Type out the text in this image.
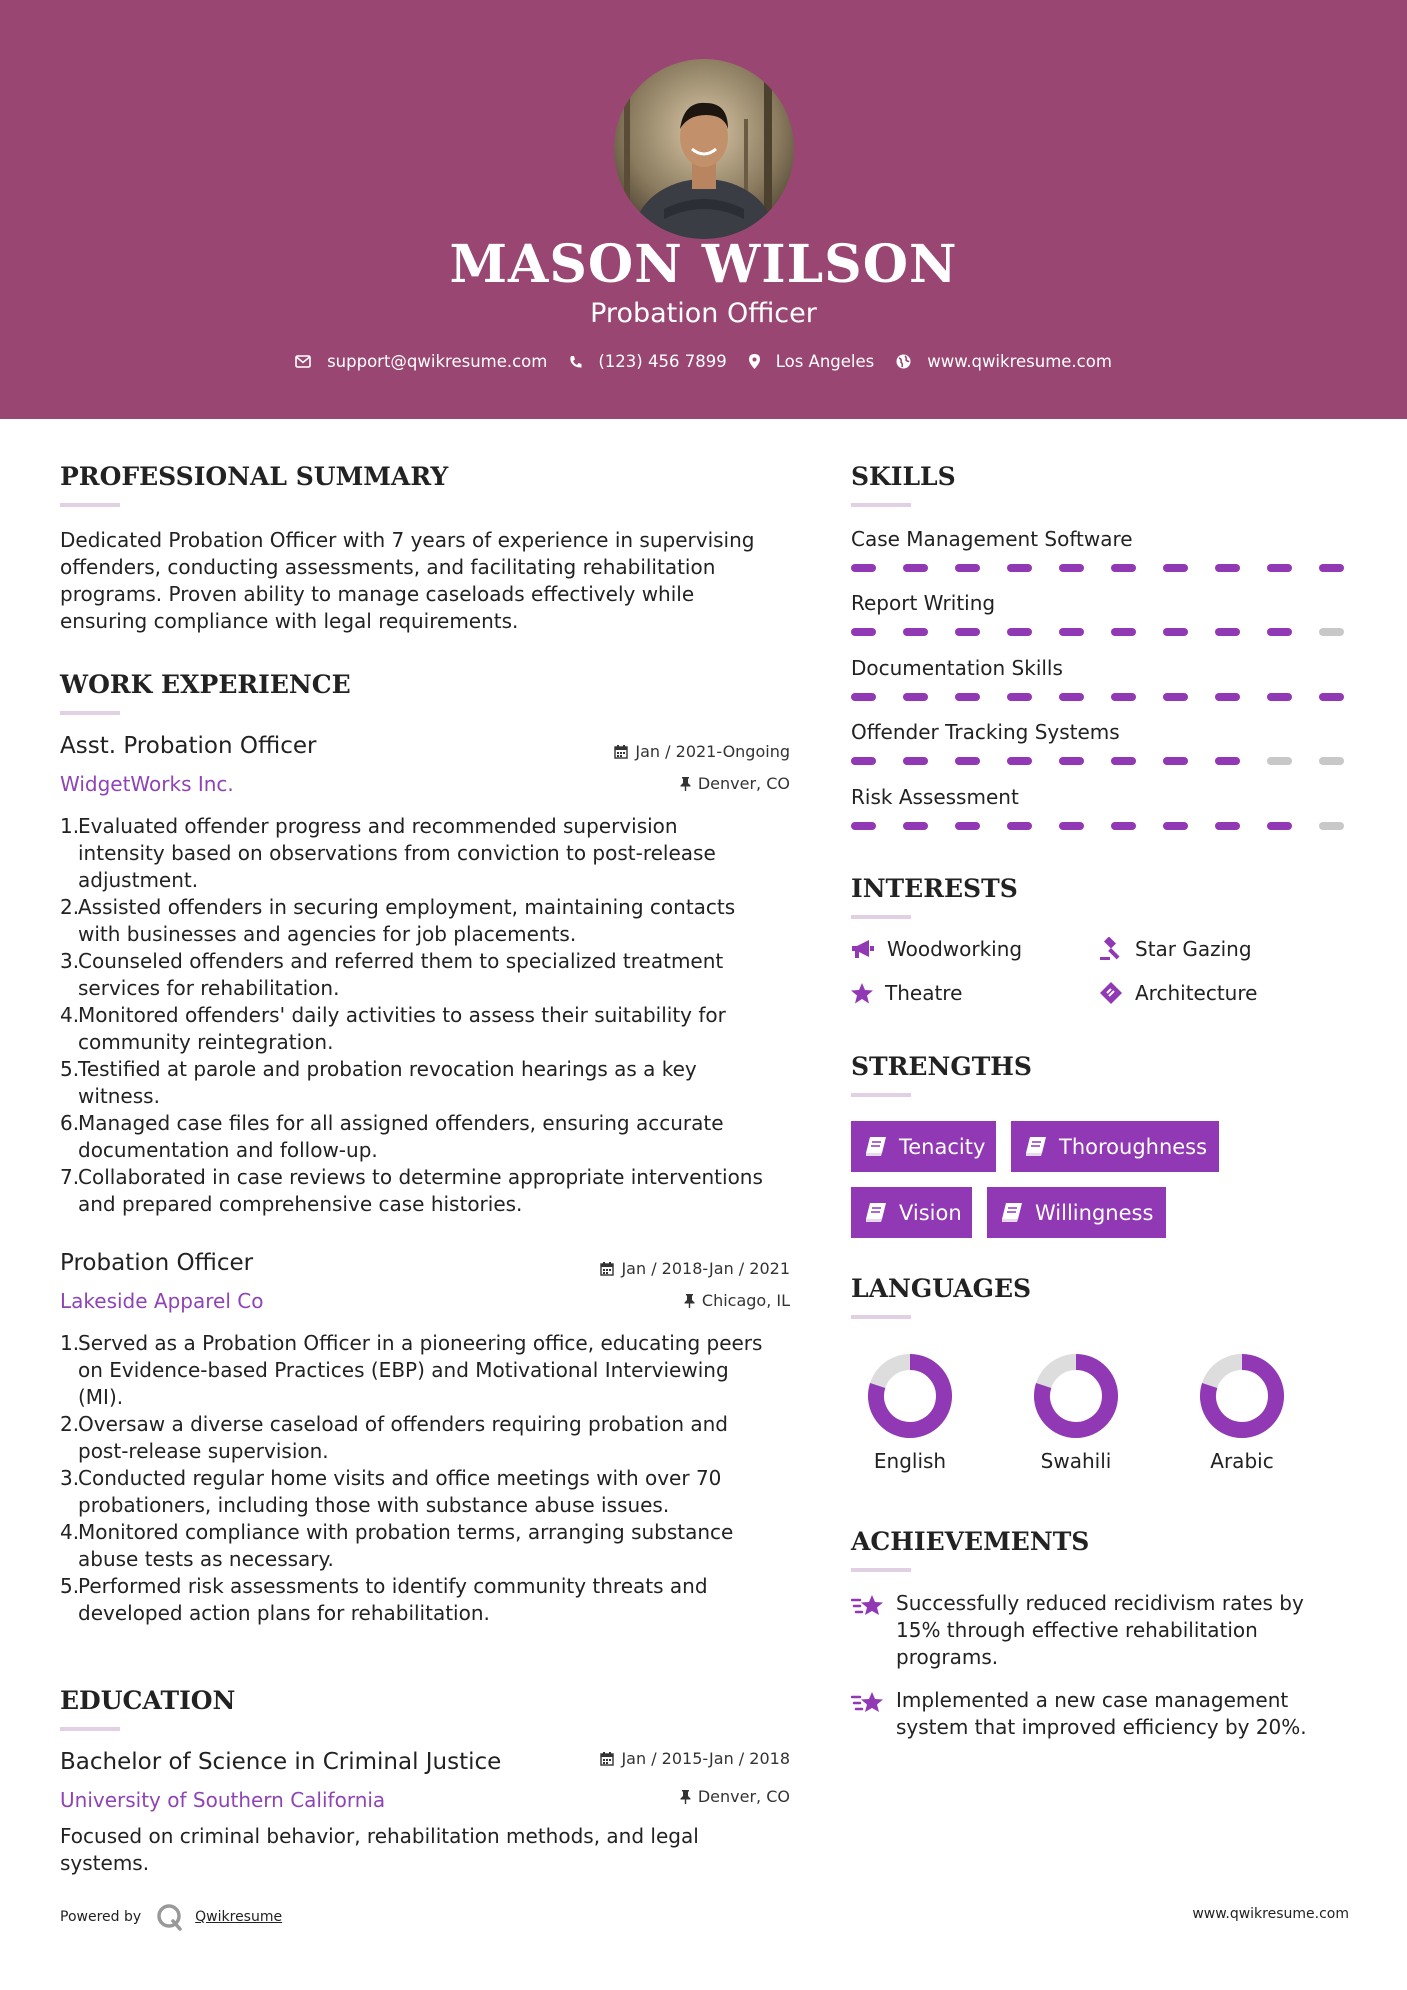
MASON WILSON
Probation Officer
support@qwikresume.com	(123) 456 7899	Los Angeles	www.qwikresume.com
PROFESSIONAL SUMMARY
Dedicated Probation Officer with 7 years of experience in supervising
offenders, conducting assessments, and facilitating rehabilitation
programs. Proven ability to manage caseloads effectively while
ensuring compliance with legal requirements.
WORK EXPERIENCE
Asst. Probation Officer
WidgetWorks Inc.
Jan / 2021-Ongoing
Denver, CO
1.
Evaluated offender progress and recommended supervision
intensity based on observations from conviction to post-release
adjustment.
2.
Assisted offenders in securing employment, maintaining contacts
with businesses and agencies for job placements.
3.
Counseled offenders and referred them to specialized treatment
services for rehabilitation.
4.
Monitored offenders' daily activities to assess their suitability for
community reintegration.
5.
Testified at parole and probation revocation hearings as a key
witness.
6.
Managed case files for all assigned offenders, ensuring accurate
documentation and follow-up.
7.
Collaborated in case reviews to determine appropriate interventions
and prepared comprehensive case histories.
Probation Officer
Lakeside Apparel Co
Jan / 2018-Jan / 2021
Chicago, IL
1.
Served as a Probation Officer in a pioneering office, educating peers
on Evidence-based Practices (EBP) and Motivational Interviewing
(MI).
2.
Oversaw a diverse caseload of offenders requiring probation and
post-release supervision.
3.
Conducted regular home visits and office meetings with over 70
probationers, including those with substance abuse issues.
4.
Monitored compliance with probation terms, arranging substance
abuse tests as necessary.
5.
Performed risk assessments to identify community threats and
developed action plans for rehabilitation.
EDUCATION
Bachelor of Science in Criminal Justice
University of Southern California
Jan / 2015-Jan / 2018
Denver, CO
Focused on criminal behavior, rehabilitation methods, and legal
systems.
SKILLS
Case Management Software
Report Writing
Documentation Skills
Offender Tracking Systems
Risk Assessment
INTERESTS
Woodworking	Star Gazing
Theatre	Architecture
STRENGTHS
Tenacity	Thoroughness
Vision	Willingness
LANGUAGES
English	Swahili	Arabic
ACHIEVEMENTS
Successfully reduced recidivism rates by
15% through effective rehabilitation
programs.
Implemented a new case management
system that improved efficiency by 20%.
Powered by	Qwikresume	www.qwikresume.com
